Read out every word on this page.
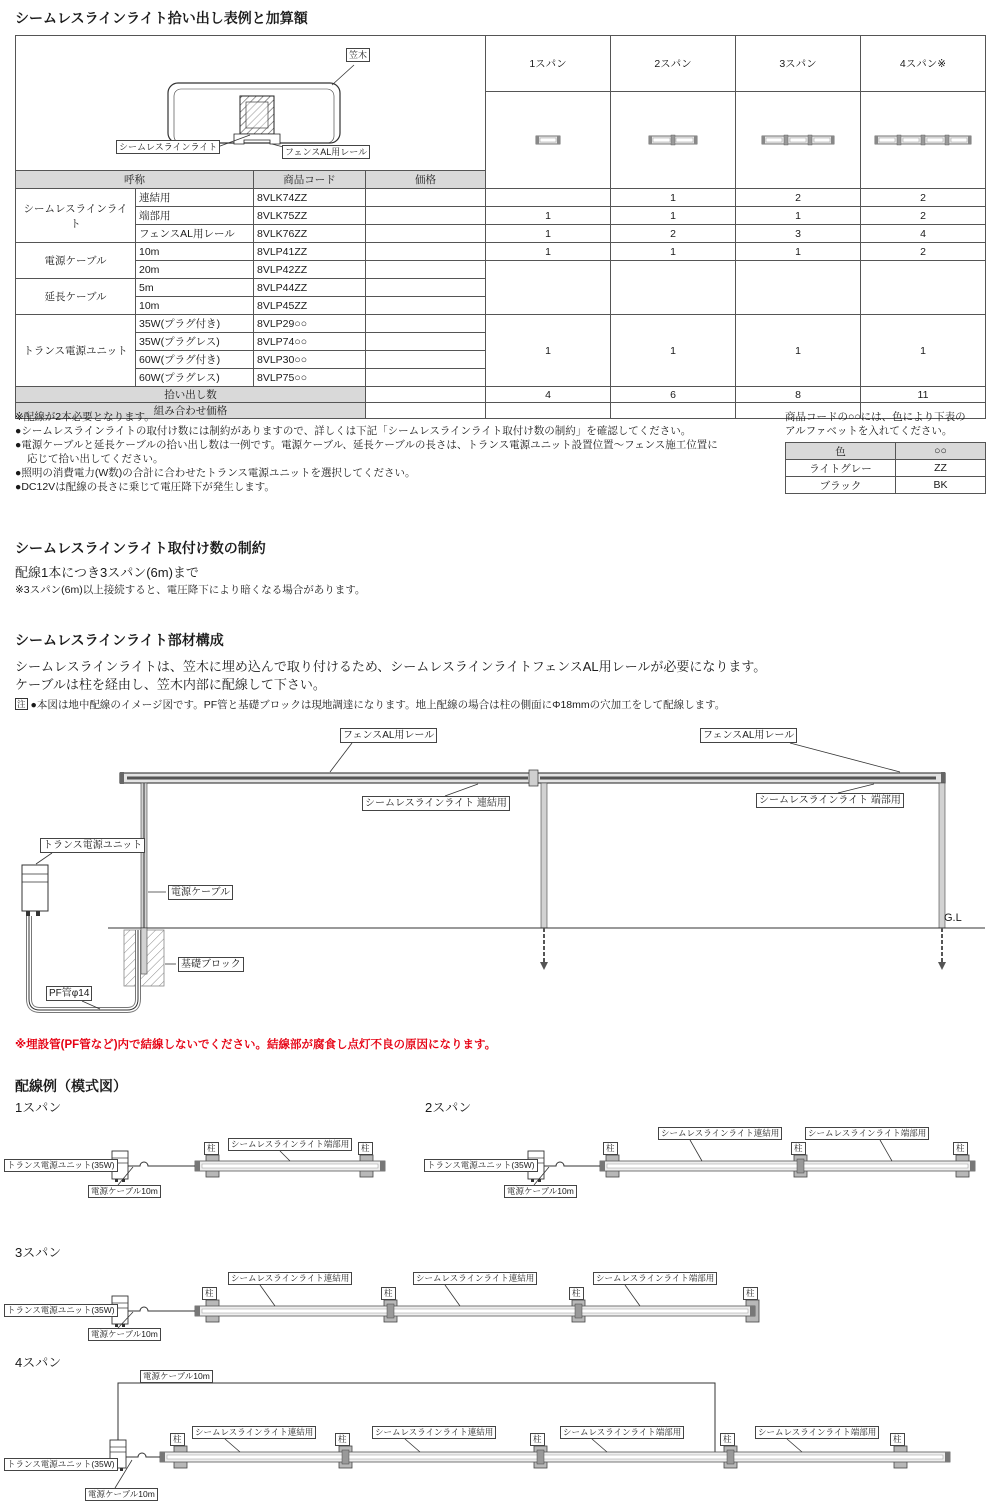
シームレスラインライト拾い出し表例と加算額
笠木
シームレスラインライト フェンスAL用レール				1スパン	2スパン	3スパン	4スパン※

呼称		商品コード	価格				
シームレスラインライト	連結用	8VLK74ZZ			1	2	2
	端部用	8VLK75ZZ		1	1	1	2
	フェンスAL用レール	8VLK76ZZ		1	2	3	4
電源ケーブル	10m	8VLP41ZZ		1	1	1	2
	20m	8VLP42ZZ					
延長ケーブル	5m	8VLP44ZZ					
	10m	8VLP45ZZ					
トランス電源ユニット	35W(プラグ付き)	8VLP29○○		1	1	1	1
	35W(プラグレス)	8VLP74○○					
	60W(プラグ付き)	8VLP30○○					
	60W(プラグレス)	8VLP75○○					
拾い出し数				4	6	8	11
組み合わせ価格							
※配線が2本必要となります。
●シームレスラインライトの取付け数には制約がありますので、詳しくは下記「シームレスラインライト取付け数の制約」を確認してください。
●電源ケーブルと延長ケーブルの拾い出し数は一例です。電源ケーブル、延長ケーブルの長さは、トランス電源ユニット設置位置〜フェンス施工位置に
応じて拾い出してください。
●照明の消費電力(W数)の合計に合わせたトランス電源ユニットを選択してください。
●DC12Vは配線の長さに乗じて電圧降下が発生します。
商品コードの○○には、色により下表の
アルファベットを入れてください。
色	○○
ライトグレー	ZZ
ブラック	BK
シームレスラインライト取付け数の制約
配線1本につき3スパン(6m)まで
※3スパン(6m)以上接続すると、電圧降下により暗くなる場合があります。
シームレスラインライト部材構成
シームレスラインライトは、笠木に埋め込んで取り付けるため、シームレスラインライトフェンスAL用レールが必要になります。
ケーブルは柱を経由し、笠木内部に配線して下さい。
注 ●本図は地中配線のイメージ図です。PF管と基礎ブロックは現地調達になります。地上配線の場合は柱の側面にΦ18mmの穴加工をして配線します。
フェンスAL用レール	フェンスAL用レール
シームレスラインライト 連結用	シームレスラインライト 端部用
トランス電源ユニット
電源ケーブル
基礎ブロック
PF管φ14
G.L
※埋設管(PF管など)内で結線しないでください。結線部が腐食し点灯不良の原因になります。
配線例（模式図）
1スパン
シームレスラインライト端部用
柱	柱
トランス電源ユニット(35W)
電源ケーブル10m
2スパン
シームレスラインライト連結用	シームレスラインライト端部用
柱	柱	柱
トランス電源ユニット(35W)
電源ケーブル10m
3スパン
シームレスラインライト連結用	シームレスラインライト連結用	シームレスラインライト端部用
柱	柱	柱	柱
トランス電源ユニット(35W)
電源ケーブル10m
4スパン
電源ケーブル10m
シームレスラインライト連結用	シームレスラインライト連結用	シームレスラインライト端部用	シームレスラインライト端部用
柱	柱	柱	柱	柱
トランス電源ユニット(35W)
電源ケーブル10m
